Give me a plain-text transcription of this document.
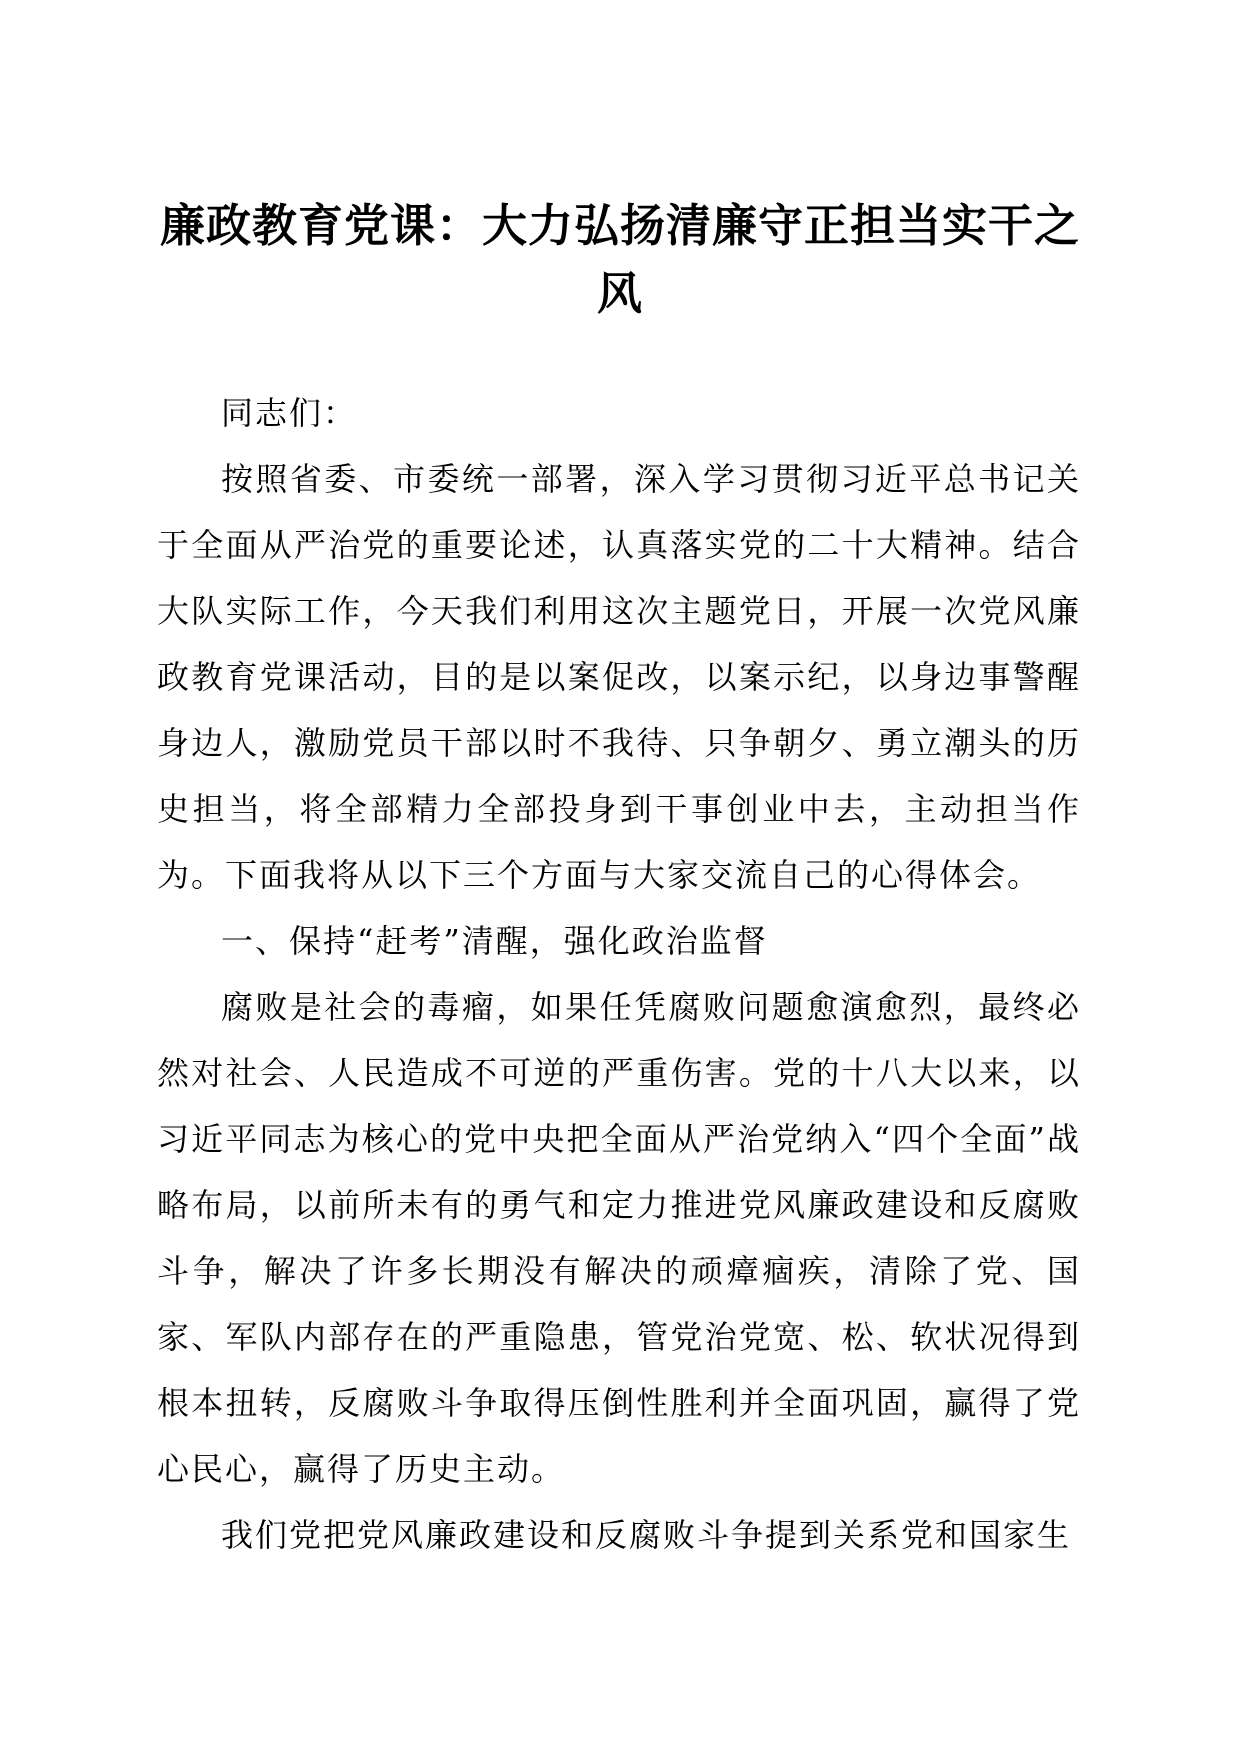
廉政教育党课：大力弘扬清廉守正担当实干之风

同志们：

按照省委、市委统一部署，深入学习贯彻习近平总书记关于全面从严治党的重要论述，认真落实党的二十大精神。结合大队实际工作，今天我们利用这次主题党日，开展一次党风廉政教育党课活动，目的是以案促改，以案示纪，以身边事警醒身边人，激励党员干部以时不我待、只争朝夕、勇立潮头的历史担当，将全部精力全部投身到干事创业中去，主动担当作为。下面我将从以下三个方面与大家交流自己的心得体会。

一、保持“赶考”清醒，强化政治监督

腐败是社会的毒瘤，如果任凭腐败问题愈演愈烈，最终必然对社会、人民造成不可逆的严重伤害。党的十八大以来，以习近平同志为核心的党中央把全面从严治党纳入“四个全面”战略布局，以前所未有的勇气和定力推进党风廉政建设和反腐败斗争，解决了许多长期没有解决的顽瘴痼疾，清除了党、国家、军队内部存在的严重隐患，管党治党宽、松、软状况得到根本扭转，反腐败斗争取得压倒性胜利并全面巩固，赢得了党心民心，赢得了历史主动。

我们党把党风廉政建设和反腐败斗争提到关系党和国家生
